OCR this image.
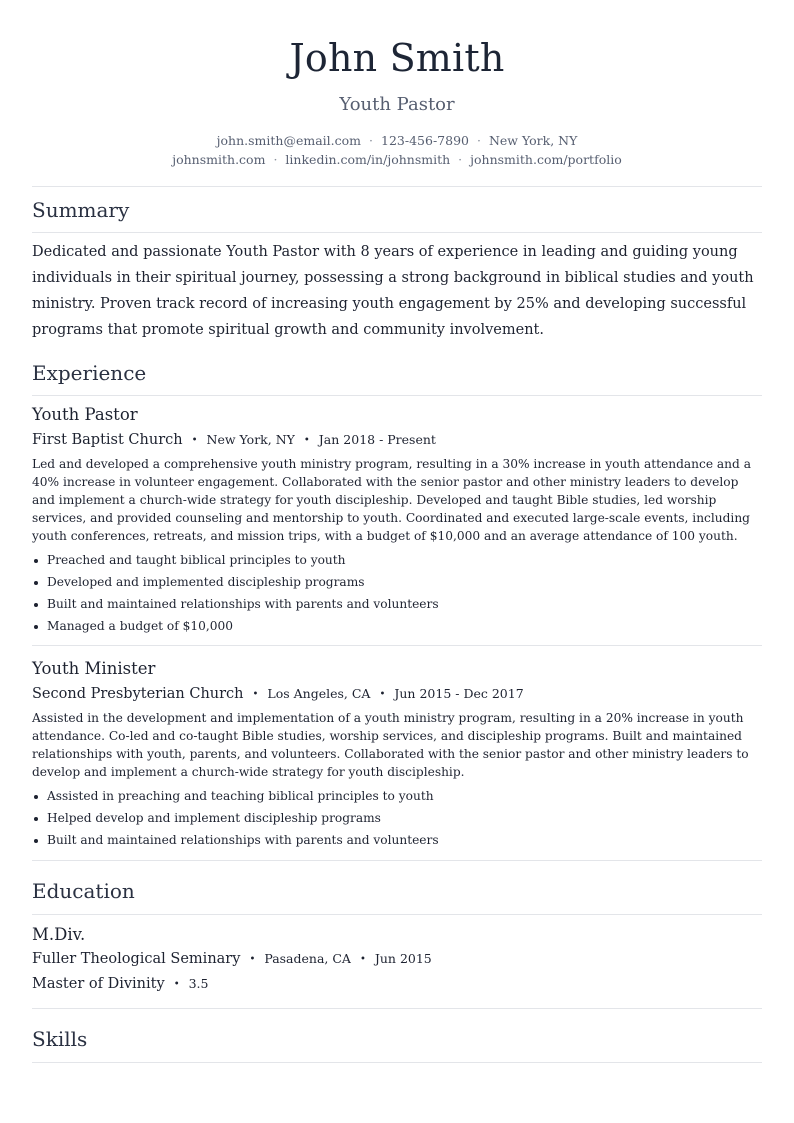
John Smith
Youth Pastor
john.smith@email.com · 123-456-7890 · New York, NY
johnsmith.com · linkedin.com/in/johnsmith · johnsmith.com/portfolio
Summary
Dedicated and passionate Youth Pastor with 8 years of experience in leading and guiding young individuals in their spiritual journey, possessing a strong background in biblical studies and youth ministry. Proven track record of increasing youth engagement by 25% and developing successful programs that promote spiritual growth and community involvement.
Experience
Youth Pastor
First Baptist Church • New York, NY • Jan 2018 - Present
Led and developed a comprehensive youth ministry program, resulting in a 30% increase in youth attendance and a 40% increase in volunteer engagement. Collaborated with the senior pastor and other ministry leaders to develop and implement a church-wide strategy for youth discipleship. Developed and taught Bible studies, led worship services, and provided counseling and mentorship to youth. Coordinated and executed large-scale events, including youth conferences, retreats, and mission trips, with a budget of $10,000 and an average attendance of 100 youth.
Preached and taught biblical principles to youth
Developed and implemented discipleship programs
Built and maintained relationships with parents and volunteers
Managed a budget of $10,000
Youth Minister
Second Presbyterian Church • Los Angeles, CA • Jun 2015 - Dec 2017
Assisted in the development and implementation of a youth ministry program, resulting in a 20% increase in youth attendance. Co-led and co-taught Bible studies, worship services, and discipleship programs. Built and maintained relationships with youth, parents, and volunteers. Collaborated with the senior pastor and other ministry leaders to develop and implement a church-wide strategy for youth discipleship.
Assisted in preaching and teaching biblical principles to youth
Helped develop and implement discipleship programs
Built and maintained relationships with parents and volunteers
Education
M.Div.
Fuller Theological Seminary • Pasadena, CA • Jun 2015
Master of Divinity • 3.5
Skills
